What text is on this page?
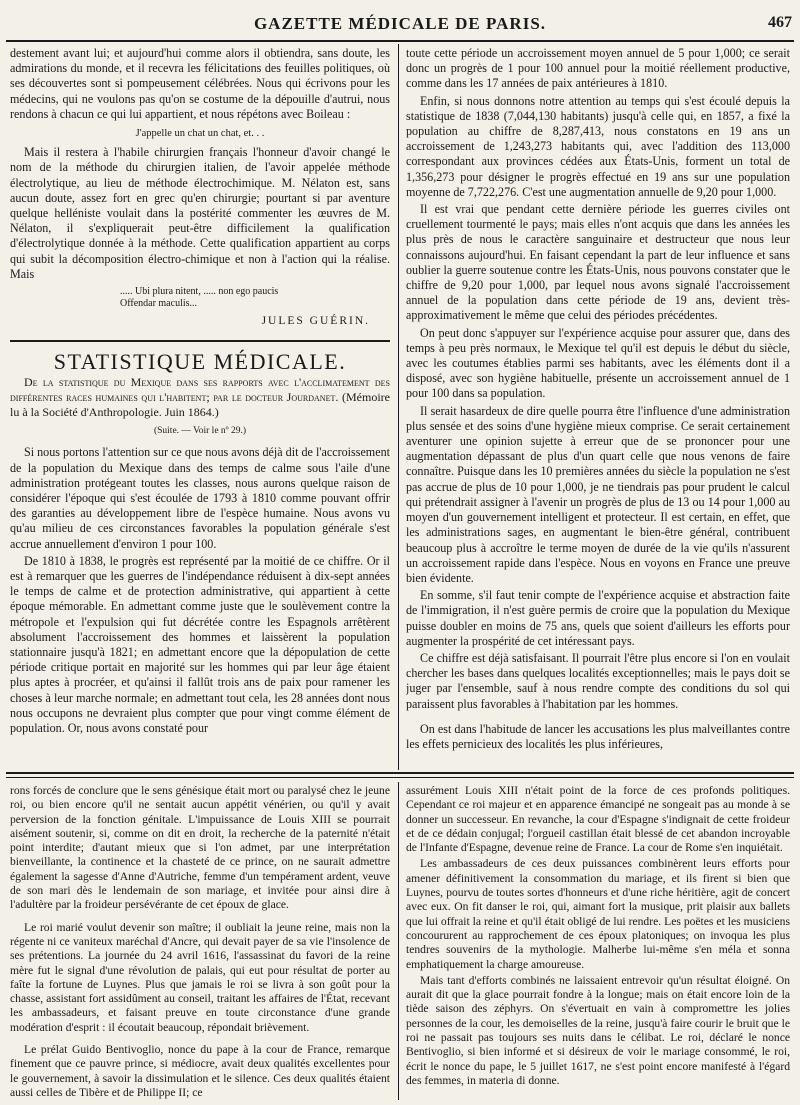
GAZETTE MÉDICALE DE PARIS.	467

destement avant lui; et aujourd'hui comme alors il obtiendra, sans doute, les admirations du monde, et il recevra les félicitations des feuilles politiques, où ses découvertes sont si pompeusement célébrées. Nous qui écrivons pour les médecins, qui ne voulons pas qu'on se costume de la dépouille d'autrui, nous rendons à chacun ce qui lui appartient, et nous répétons avec Boileau :

J'appelle un chat un chat, et. . .

Mais il restera à l'habile chirurgien français l'honneur d'avoir changé le nom de la méthode du chirurgien italien, de l'avoir appelée méthode électrolytique, au lieu de méthode électrochimique. M. Nélaton est, sans aucun doute, assez fort en grec qu'en chirurgie; pourtant si par aventure quelque helléniste voulait dans la postérité commenter les œuvres de M. Nélaton, il s'expliquerait peut-être difficilement la qualification d'électrolytique donnée à la méthode. Cette qualification appartient au corps qui subit la décomposition électro-chimique et non à l'action qui la réalise. Mais

..... Ubi plura nitent, ..... non ego paucis
Offendar maculis...
JULES GUÉRIN.
STATISTIQUE MÉDICALE.

De la statistique du Mexique dans ses rapports avec l'acclimatement des différentes races humaines qui l'habitent; par le docteur Jourdanet. (Mémoire lu à la Société d'Anthropologie. Juin 1864.)

(Suite. — Voir le nº 29.)

Si nous portons l'attention sur ce que nous avons déjà dit de l'accroissement de la population du Mexique dans des temps de calme sous l'aile d'une administration protégeant toutes les classes, nous aurons quelque raison de considérer l'époque qui s'est écoulée de 1793 à 1810 comme pouvant offrir des garanties au développement libre de l'espèce humaine. Nous avons vu qu'au milieu de ces circonstances favorables la population générale s'est accrue annuellement d'environ 1 pour 100.

De 1810 à 1838, le progrès est représenté par la moitié de ce chiffre. Or il est à remarquer que les guerres de l'indépendance réduisent à dix-sept années le temps de calme et de protection administrative, qui appartient à cette époque mémorable. En admettant comme juste que le soulèvement contre la métropole et l'expulsion qui fut décrétée contre les Espagnols arrêtèrent absolument l'accroissement des hommes et laissèrent la population stationnaire jusqu'à 1821; en admettant encore que la dépopulation de cette période critique portait en majorité sur les hommes qui par leur âge étaient plus aptes à procréer, et qu'ainsi il fallût trois ans de paix pour ramener les choses à leur marche normale; en admettant tout cela, les 28 années dont nous nous occupons ne devraient plus compter que pour vingt comme élément de population. Or, nous avons constaté pour

toute cette période un accroissement moyen annuel de 5 pour 1,000; ce serait donc un progrès de 1 pour 100 annuel pour la moitié réellement productive, comme dans les 17 années de paix antérieures à 1810.

Enfin, si nous donnons notre attention au temps qui s'est écoulé depuis la statistique de 1838 (7,044,130 habitants) jusqu'à celle qui, en 1857, a fixé la population au chiffre de 8,287,413, nous constatons en 19 ans un accroissement de 1,243,273 habitants qui, avec l'addition des 113,000 correspondant aux provinces cédées aux États-Unis, forment un total de 1,356,273 pour désigner le progrès effectué en 19 ans sur une population moyenne de 7,722,276. C'est une augmentation annuelle de 9,20 pour 1,000.

Il est vrai que pendant cette dernière période les guerres civiles ont cruellement tourmenté le pays; mais elles n'ont acquis que dans les années les plus près de nous le caractère sanguinaire et destructeur que nous leur connaissons aujourd'hui. En faisant cependant la part de leur influence et sans oublier la guerre soutenue contre les États-Unis, nous pouvons constater que le chiffre de 9,20 pour 1,000, par lequel nous avons signalé l'accroissement annuel de la population dans cette période de 19 ans, devient très-approximativement le même que celui des périodes précédentes.

On peut donc s'appuyer sur l'expérience acquise pour assurer que, dans des temps à peu près normaux, le Mexique tel qu'il est depuis le début du siècle, avec les coutumes établies parmi ses habitants, avec les éléments dont il a disposé, avec son hygiène habituelle, présente un accroissement annuel de 1 pour 100 dans sa population.

Il serait hasardeux de dire quelle pourra être l'influence d'une administration plus sensée et des soins d'une hygiène mieux comprise. Ce serait certainement aventurer une opinion sujette à erreur que de se prononcer pour une augmentation dépassant de plus d'un quart celle que nous venons de faire connaître. Puisque dans les 10 premières années du siècle la population ne s'est pas accrue de plus de 10 pour 1,000, je ne tiendrais pas pour prudent le calcul qui prétendrait assigner à l'avenir un progrès de plus de 13 ou 14 pour 1,000 au moyen d'un gouvernement intelligent et protecteur. Il est certain, en effet, que les administrations sages, en augmentant le bien-être général, contribuent beaucoup plus à accroître le terme moyen de durée de la vie qu'ils n'assurent un accroissement rapide dans l'espèce. Nous en voyons en France une preuve bien évidente.

En somme, s'il faut tenir compte de l'expérience acquise et abstraction faite de l'immigration, il n'est guère permis de croire que la population du Mexique puisse doubler en moins de 75 ans, quels que soient d'ailleurs les efforts pour augmenter la prospérité de cet intéressant pays.

Ce chiffre est déjà satisfaisant. Il pourrait l'être plus encore si l'on en voulait chercher les bases dans quelques localités exceptionnelles; mais le pays doit se juger par l'ensemble, sauf à nous rendre compte des conditions du sol qui paraissent plus favorables à l'habitation par les hommes.

On est dans l'habitude de lancer les accusations les plus malveillantes contre les effets pernicieux des localités les plus inférieures,

rons forcés de conclure que le sens génésique était mort ou paralysé chez le jeune roi, ou bien encore qu'il ne sentait aucun appétit vénérien, ou qu'il y avait perversion de la fonction génitale. L'impuissance de Louis XIII se pourrait aisément soutenir, si, comme on dit en droit, la recherche de la paternité n'était point interdite; d'autant mieux que si l'on admet, par une interprétation bienveillante, la continence et la chasteté de ce prince, on ne saurait admettre également la sagesse d'Anne d'Autriche, femme d'un tempérament ardent, veuve de son mari dès le lendemain de son mariage, et invitée pour ainsi dire à l'adultère par la froideur persévérante de cet époux de glace.

Le roi marié voulut devenir son maître; il oubliait la jeune reine, mais non la régente ni ce vaniteux maréchal d'Ancre, qui devait payer de sa vie l'insolence de ses prétentions. La journée du 24 avril 1616, l'assassinat du favori de la reine mère fut le signal d'une révolution de palais, qui eut pour résultat de porter au faîte la fortune de Luynes. Plus que jamais le roi se livra à son goût pour la chasse, assistant fort assidûment au conseil, traitant les affaires de l'État, recevant les ambassadeurs, et faisant preuve en toute circonstance d'une grande modération d'esprit : il écoutait beaucoup, répondait brièvement.

Le prélat Guido Bentivoglio, nonce du pape à la cour de France, remarque finement que ce pauvre prince, si médiocre, avait deux qualités excellentes pour le gouvernement, à savoir la dissimulation et le silence. Ces deux qualités étaient aussi celles de Tibère et de Philippe II; ce

assurément Louis XIII n'était point de la force de ces profonds politiques. Cependant ce roi majeur et en apparence émancipé ne songeait pas au monde à se donner un successeur. En revanche, la cour d'Espagne s'indignait de cette froideur et de ce dédain conjugal; l'orgueil castillan était blessé de cet abandon incroyable de l'Infante d'Espagne, devenue reine de France. La cour de Rome s'en inquiétait.

Les ambassadeurs de ces deux puissances combinèrent leurs efforts pour amener définitivement la consommation du mariage, et ils firent si bien que Luynes, pourvu de toutes sortes d'honneurs et d'une riche héritière, agit de concert avec eux. On fit danser le roi, qui, aimant fort la musique, prit plaisir aux ballets que lui offrait la reine et qu'il était obligé de lui rendre. Les poëtes et les musiciens concoururent au rapprochement de ces époux platoniques; on invoqua les plus tendres souvenirs de la mythologie. Malherbe lui-même s'en méla et sonna emphatiquement la charge amoureuse.

Mais tant d'efforts combinés ne laissaient entrevoir qu'un résultat éloigné. On aurait dit que la glace pourrait fondre à la longue; mais on était encore loin de la tiède saison des zéphyrs. On s'évertuait en vain à compromettre les jolies personnes de la cour, les demoiselles de la reine, jusqu'à faire courir le bruit que le roi ne passait pas toujours ses nuits dans le célibat. Le roi, déclaré le nonce Bentivoglio, si bien informé et si désireux de voir le mariage consommé, le roi, écrit le nonce du pape, le 5 juillet 1617, ne s'est point encore manifesté à l'égard des femmes, in materia di donne.
